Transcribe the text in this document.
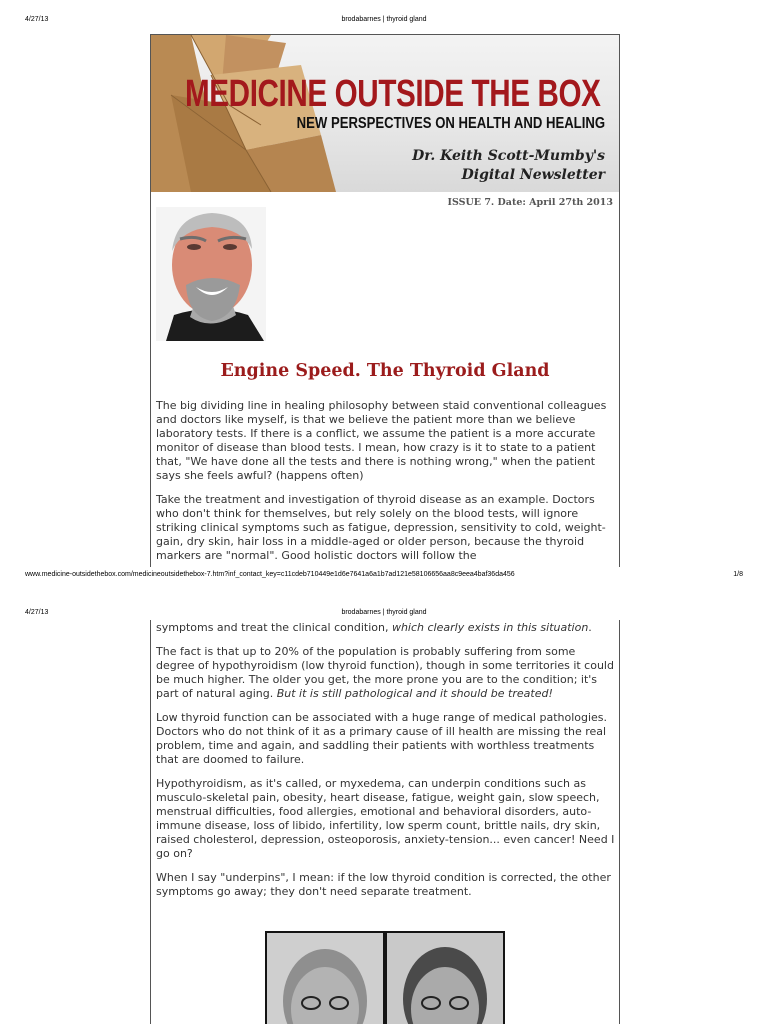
4/27/13	brodabarnes | thyroid gland
MEDICINE OUTSIDE THE BOX
NEW PERSPECTIVES ON HEALTH AND HEALING
Dr. Keith Scott-Mumby's
Digital Newsletter
ISSUE 7. Date: April 27th 2013
Engine Speed. The Thyroid Gland

The big dividing line in healing philosophy between staid conventional colleagues and doctors like myself, is that we believe the patient more than we believe laboratory tests. If there is a conflict, we assume the patient is a more accurate monitor of disease than blood tests. I mean, how crazy is it to state to a patient that, "We have done all the tests and there is nothing wrong," when the patient says she feels awful? (happens often)

Take the treatment and investigation of thyroid disease as an example. Doctors who don't think for themselves, but rely solely on the blood tests, will ignore striking clinical symptoms such as fatigue, depression, sensitivity to cold, weight-gain, dry skin, hair loss in a middle-aged or older person, because the thyroid markers are "normal". Good holistic doctors will follow the

www.medicine-outsidethebox.com/medicineoutsidethebox-7.htm?inf_contact_key=c11cdeb710449e1d6e7641a6a1b7ad121e58106656aa8c9eea4baf36da456	1/8
4/27/13	brodabarnes | thyroid gland

symptoms and treat the clinical condition, which clearly exists in this situation.

The fact is that up to 20% of the population is probably suffering from some degree of hypothyroidism (low thyroid function), though in some territories it could be much higher. The older you get, the more prone you are to the condition; it's part of natural aging. But it is still pathological and it should be treated!

Low thyroid function can be associated with a huge range of medical pathologies. Doctors who do not think of it as a primary cause of ill health are missing the real problem, time and again, and saddling their patients with worthless treatments that are doomed to failure.

Hypothyroidism, as it's called, or myxedema, can underpin conditions such as musculo-skeletal pain, obesity, heart disease, fatigue, weight gain, slow speech, menstrual difficulties, food allergies, emotional and behavioral disorders, auto-immune disease, loss of libido, infertility, low sperm count, brittle nails, dry skin, raised cholesterol, depression, osteoporosis, anxiety-tension... even cancer! Need I go on?

When I say "underpins", I mean: if the low thyroid condition is corrected, the other symptoms go away; they don't need separate treatment.
